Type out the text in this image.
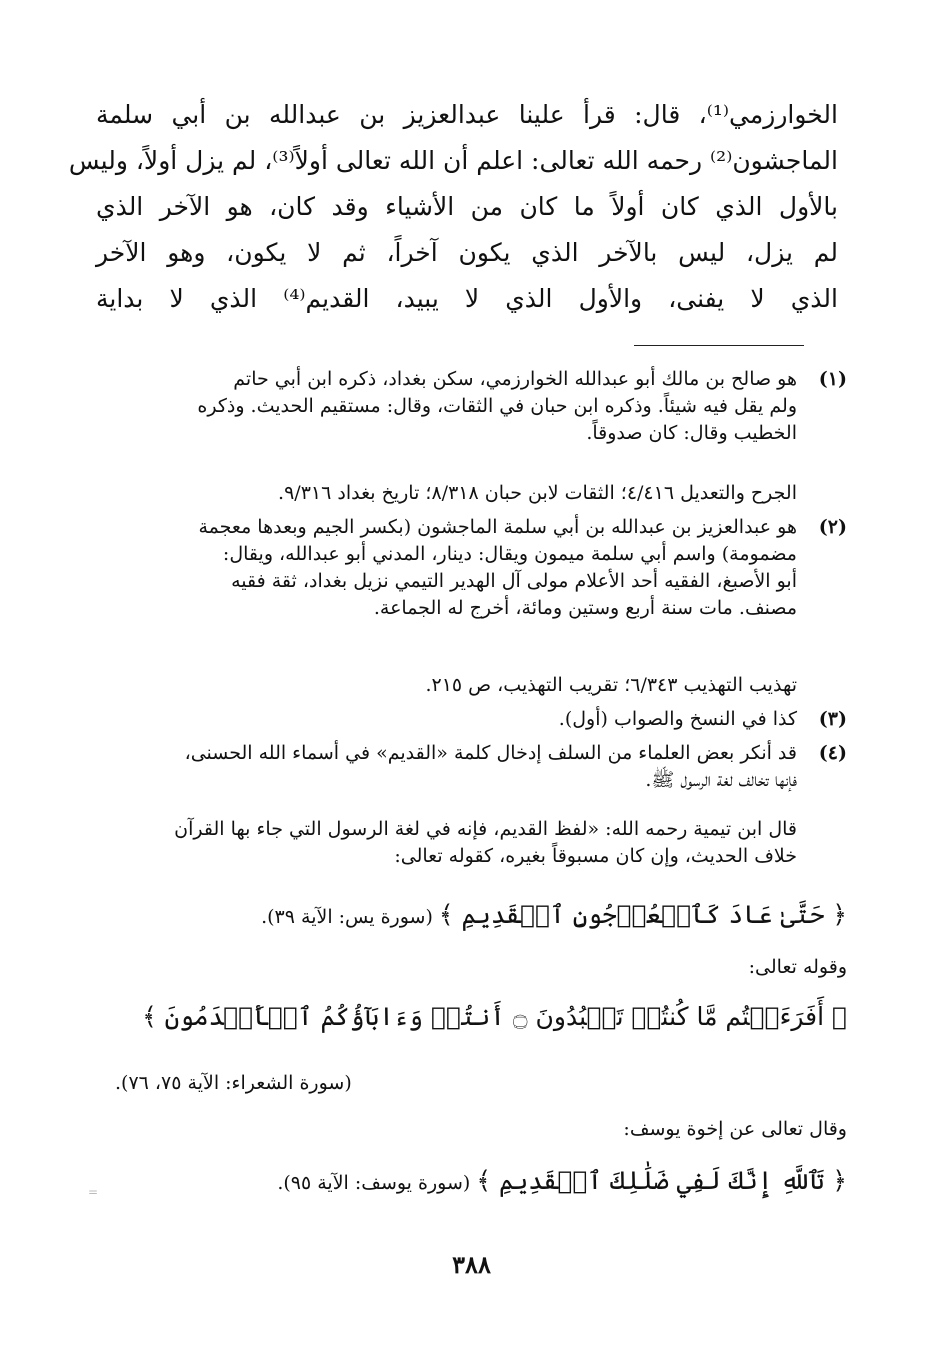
الخوارزمي⁽¹⁾، قال: قرأ علينا عبدالعزيز بن عبدالله بن أبي سلمة

الماجشون⁽²⁾ رحمه الله تعالى: اعلم أن الله تعالى أولاً⁽³⁾، لم يزل أولاً، وليس

بالأول الذي كان أولاً ما كان من الأشياء وقد كان، هو الآخر الذي

لم يزل، ليس بالآخر الذي يكون آخراً، ثم لا يكون، وهو الآخر

الذي لا يفنى، والأول الذي لا يبيد، القديم⁽⁴⁾ الذي لا بداية

(١)

هو صالح بن مالك أبو عبدالله الخوارزمي، سكن بغداد، ذكره ابن أبي حاتم

ولم يقل فيه شيئاً. وذكره ابن حبان في الثقات، وقال: مستقيم الحديث. وذكره

الخطيب وقال: كان صدوقاً.

الجرح والتعديل ٤/٤١٦؛ الثقات لابن حبان ٨/٣١٨؛ تاريخ بغداد ٩/٣١٦.

(٢)

هو عبدالعزيز بن عبدالله بن أبي سلمة الماجشون (بكسر الجيم وبعدها معجمة

مضمومة) واسم أبي سلمة ميمون ويقال: دينار، المدني أبو عبدالله، ويقال:

أبو الأصبغ، الفقيه أحد الأعلام مولى آل الهدير التيمي نزيل بغداد، ثقة فقيه

مصنف. مات سنة أربع وستين ومائة، أخرج له الجماعة.

تهذيب التهذيب ٦/٣٤٣؛ تقريب التهذيب، ص ٢١٥.

(٣)

كذا في النسخ والصواب (أول).

(٤)

قد أنكر بعض العلماء من السلف إدخال كلمة «القديم» في أسماء الله الحسنى،

فإنها تخالف لغة الرسول ﷺ.

قال ابن تيمية رحمه الله: «لفظ القديم، فإنه في لغة الرسول التي جاء بها القرآن

خلاف الحديث، وإن كان مسبوقاً بغيره، كقوله تعالى:

﴿ حَتَّىٰ عَادَ كَٱلۡعُرۡجُونِ ٱلۡقَدِيمِ ﴾ (سورة يس: الآية ٣٩).
وقوله تعالى:
﴿ أَفَرَءَيۡتُم مَّا كُنتُمۡ تَعۡبُدُونَ ۝ أَنتُمۡ وَءَابَآؤُكُمُ ٱلۡأَقۡدَمُونَ ﴾
(سورة الشعراء: الآية ٧٥، ٧٦).
وقال تعالى عن إخوة يوسف:
﴿ تَٱللَّهِ إِنَّكَ لَفِي ضَلَٰلِكَ ٱلۡقَدِيمِ ﴾ (سورة يوسف: الآية ٩٥).
٣٨٨
=
